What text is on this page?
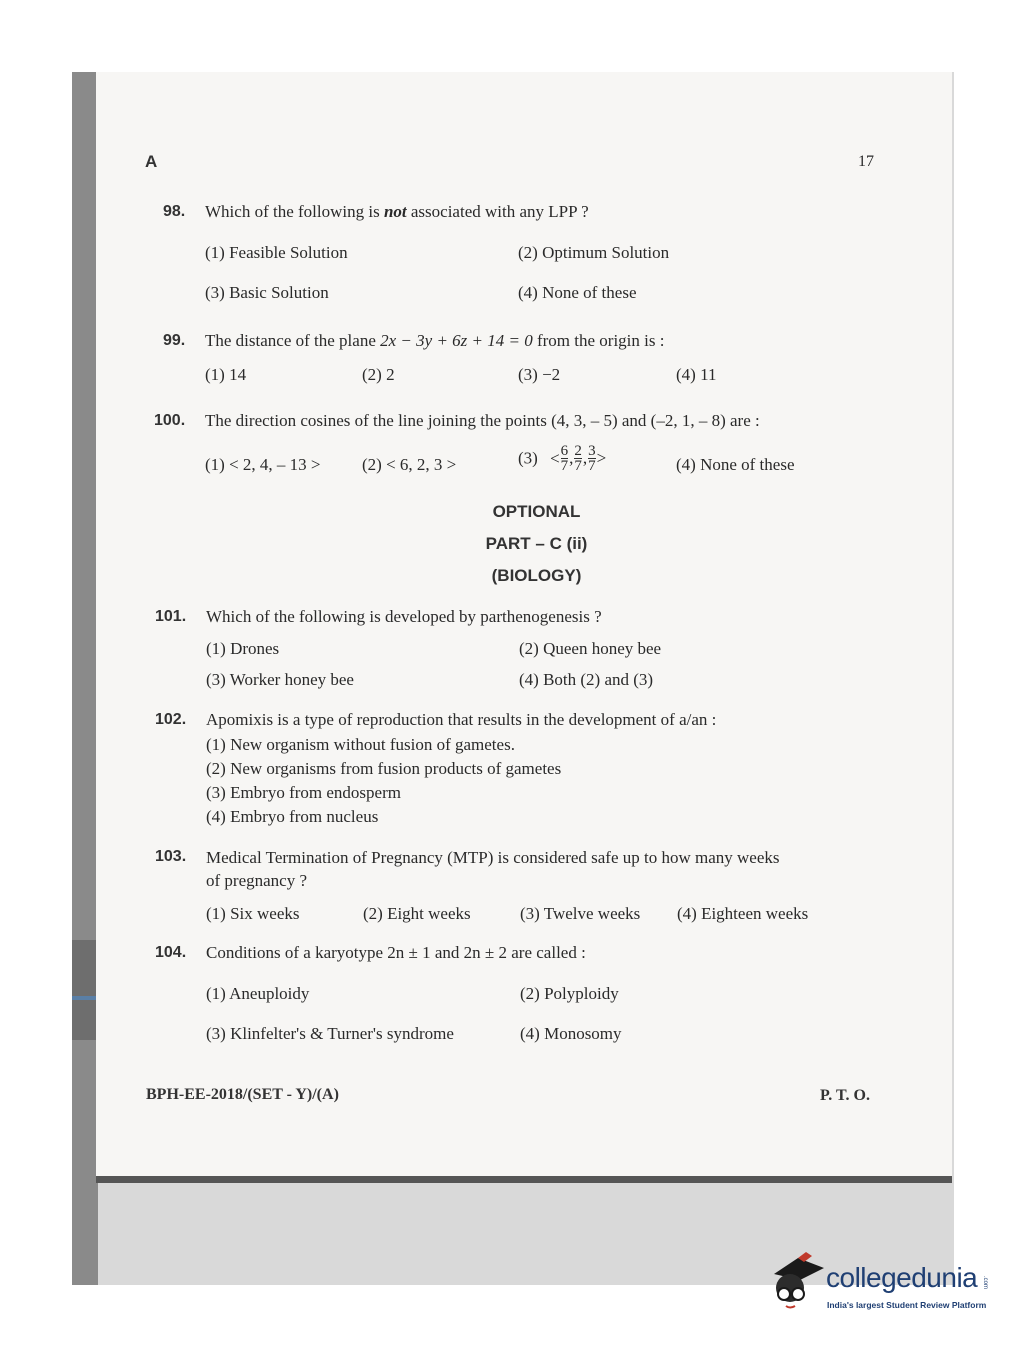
A	17
98. Which of the following is not associated with any LPP ?
(1) Feasible Solution	(2) Optimum Solution
(3) Basic Solution	(4) None of these
99. The distance of the plane 2x − 3y + 6z + 14 = 0 from the origin is :
(1) 14	(2) 2	(3) −2	(4) 11
100. The direction cosines of the line joining the points (4, 3, – 5) and (–2, 1, – 8) are :
(1) < 2, 4, – 13 > (2) < 6, 2, 3 >	$(3) < \frac{6}{7}$ , $\frac{2}{7}$ , $\frac{3}{7}$ >	(4) None of these
OPTIONAL
PART – C (ii)
(BIOLOGY)
101. Which of the following is developed by parthenogenesis ?
(1) Drones	(2) Queen honey bee
(3) Worker honey bee	(4) Both (2) and (3)
102. Apomixis is a type of reproduction that results in the development of a/an :
(1) New organism without fusion of gametes.
(2) New organisms from fusion products of gametes
(3) Embryo from endosperm
(4) Embryo from nucleus
103. Medical Termination of Pregnancy (MTP) is considered safe up to how many weeks
of pregnancy ?
(1) Six weeks	(2) Eight weeks	(3) Twelve weeks (4) Eighteen weeks
104. Conditions of a karyotype 2n ± 1 and 2n ± 2 are called :
(1) Aneuploidy	(2) Polyploidy
(3) Klinfelter's & Turner's syndrome	(4) Monosomy
BPH-EE-2018/(SET - Y)/(A)	P. T. O.
collegedunia .com
India's largest Student Review Platform
